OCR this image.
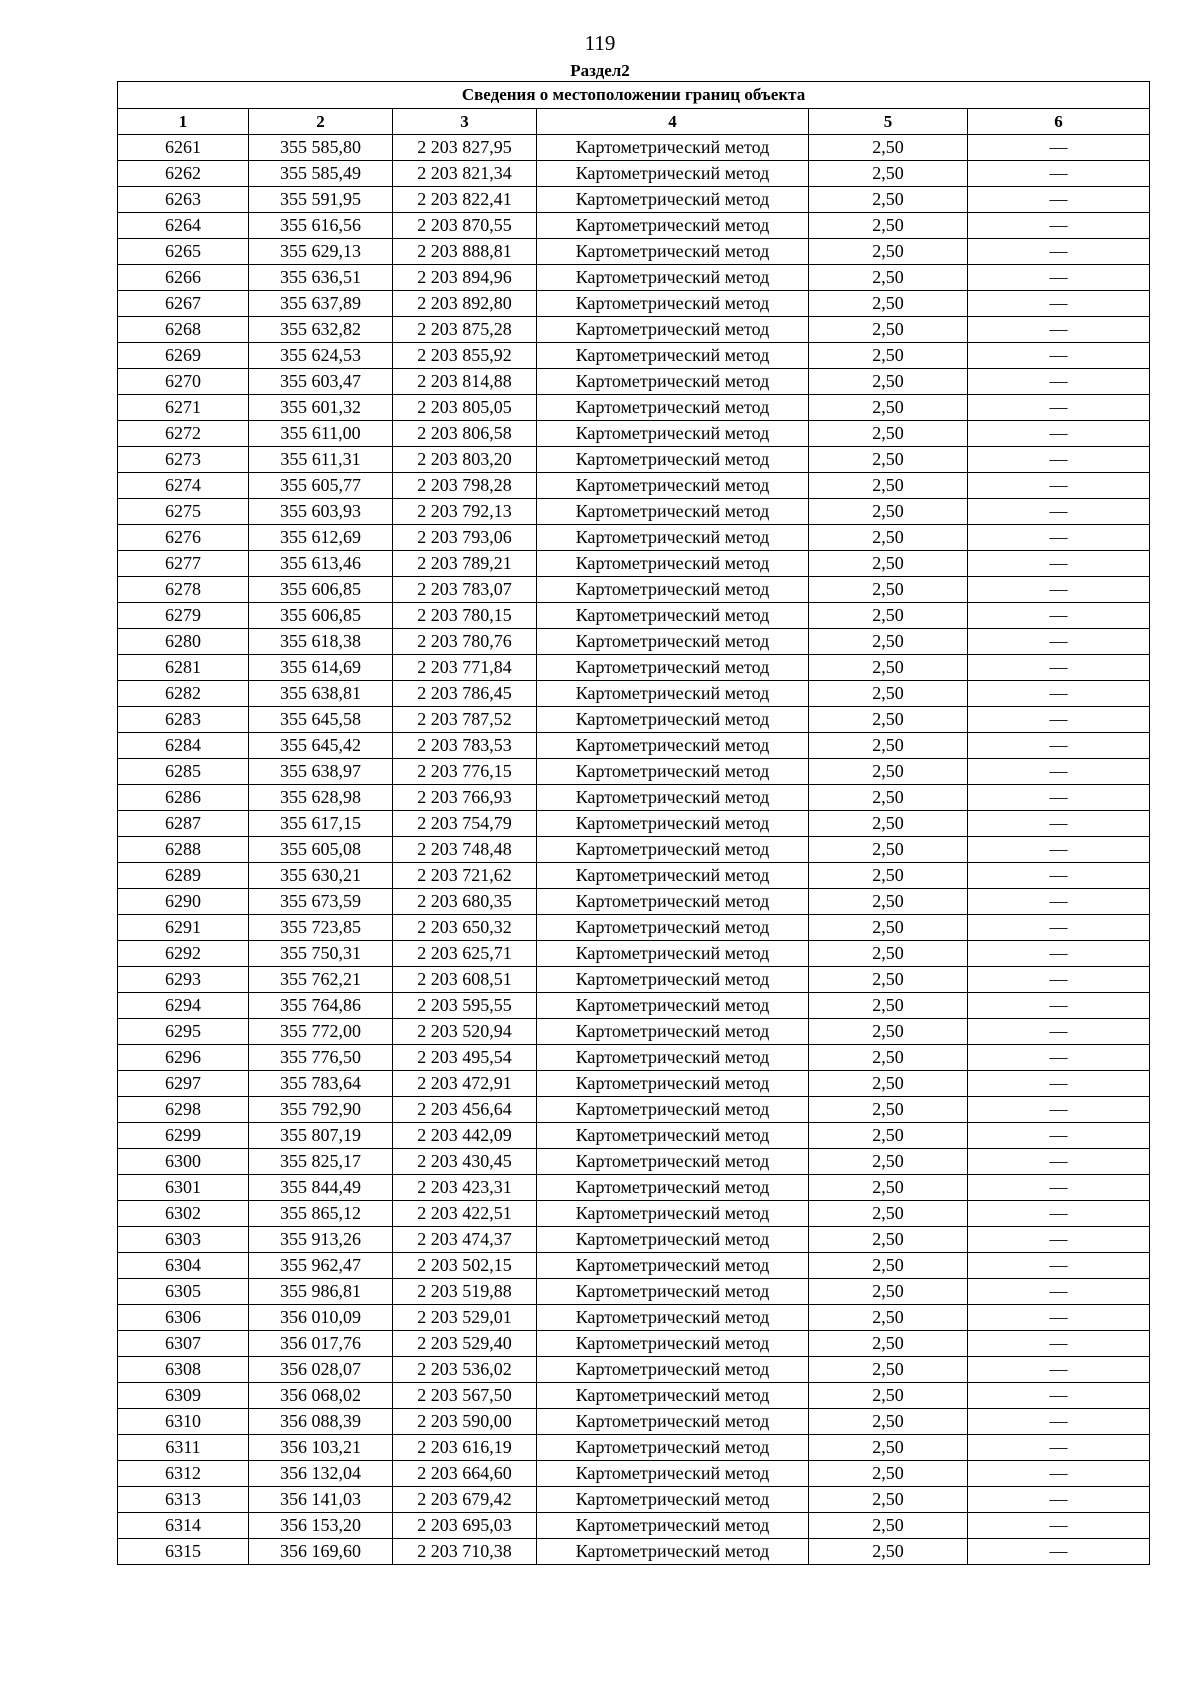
119
Раздел2
Сведения о местоположении границ объекта					
1	2	3	4	5	6
6261	355 585,80	2 203 827,95	Картометрический метод	2,50	—
6262	355 585,49	2 203 821,34	Картометрический метод	2,50	—
6263	355 591,95	2 203 822,41	Картометрический метод	2,50	—
6264	355 616,56	2 203 870,55	Картометрический метод	2,50	—
6265	355 629,13	2 203 888,81	Картометрический метод	2,50	—
6266	355 636,51	2 203 894,96	Картометрический метод	2,50	—
6267	355 637,89	2 203 892,80	Картометрический метод	2,50	—
6268	355 632,82	2 203 875,28	Картометрический метод	2,50	—
6269	355 624,53	2 203 855,92	Картометрический метод	2,50	—
6270	355 603,47	2 203 814,88	Картометрический метод	2,50	—
6271	355 601,32	2 203 805,05	Картометрический метод	2,50	—
6272	355 611,00	2 203 806,58	Картометрический метод	2,50	—
6273	355 611,31	2 203 803,20	Картометрический метод	2,50	—
6274	355 605,77	2 203 798,28	Картометрический метод	2,50	—
6275	355 603,93	2 203 792,13	Картометрический метод	2,50	—
6276	355 612,69	2 203 793,06	Картометрический метод	2,50	—
6277	355 613,46	2 203 789,21	Картометрический метод	2,50	—
6278	355 606,85	2 203 783,07	Картометрический метод	2,50	—
6279	355 606,85	2 203 780,15	Картометрический метод	2,50	—
6280	355 618,38	2 203 780,76	Картометрический метод	2,50	—
6281	355 614,69	2 203 771,84	Картометрический метод	2,50	—
6282	355 638,81	2 203 786,45	Картометрический метод	2,50	—
6283	355 645,58	2 203 787,52	Картометрический метод	2,50	—
6284	355 645,42	2 203 783,53	Картометрический метод	2,50	—
6285	355 638,97	2 203 776,15	Картометрический метод	2,50	—
6286	355 628,98	2 203 766,93	Картометрический метод	2,50	—
6287	355 617,15	2 203 754,79	Картометрический метод	2,50	—
6288	355 605,08	2 203 748,48	Картометрический метод	2,50	—
6289	355 630,21	2 203 721,62	Картометрический метод	2,50	—
6290	355 673,59	2 203 680,35	Картометрический метод	2,50	—
6291	355 723,85	2 203 650,32	Картометрический метод	2,50	—
6292	355 750,31	2 203 625,71	Картометрический метод	2,50	—
6293	355 762,21	2 203 608,51	Картометрический метод	2,50	—
6294	355 764,86	2 203 595,55	Картометрический метод	2,50	—
6295	355 772,00	2 203 520,94	Картометрический метод	2,50	—
6296	355 776,50	2 203 495,54	Картометрический метод	2,50	—
6297	355 783,64	2 203 472,91	Картометрический метод	2,50	—
6298	355 792,90	2 203 456,64	Картометрический метод	2,50	—
6299	355 807,19	2 203 442,09	Картометрический метод	2,50	—
6300	355 825,17	2 203 430,45	Картометрический метод	2,50	—
6301	355 844,49	2 203 423,31	Картометрический метод	2,50	—
6302	355 865,12	2 203 422,51	Картометрический метод	2,50	—
6303	355 913,26	2 203 474,37	Картометрический метод	2,50	—
6304	355 962,47	2 203 502,15	Картометрический метод	2,50	—
6305	355 986,81	2 203 519,88	Картометрический метод	2,50	—
6306	356 010,09	2 203 529,01	Картометрический метод	2,50	—
6307	356 017,76	2 203 529,40	Картометрический метод	2,50	—
6308	356 028,07	2 203 536,02	Картометрический метод	2,50	—
6309	356 068,02	2 203 567,50	Картометрический метод	2,50	—
6310	356 088,39	2 203 590,00	Картометрический метод	2,50	—
6311	356 103,21	2 203 616,19	Картометрический метод	2,50	—
6312	356 132,04	2 203 664,60	Картометрический метод	2,50	—
6313	356 141,03	2 203 679,42	Картометрический метод	2,50	—
6314	356 153,20	2 203 695,03	Картометрический метод	2,50	—
6315	356 169,60	2 203 710,38	Картометрический метод	2,50	—
